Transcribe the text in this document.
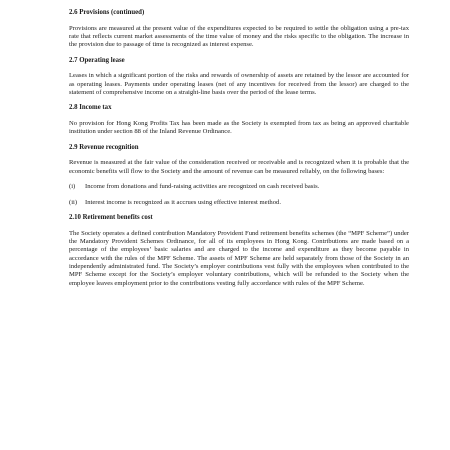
2.6 Provisions (continued)

Provisions are measured at the present value of the expenditures expected to be required to settle the obligation using a pre-tax rate that reflects current market assessments of the time value of money and the risks specific to the obligation. The increase in the provision due to passage of time is recognized as interest expense.

2.7 Operating lease

Leases in which a significant portion of the risks and rewards of ownership of assets are retained by the lessor are accounted for as operating leases. Payments under operating leases (net of any incentives for received from the lessor) are charged to the statement of comprehensive income on a straight-line basis over the period of the lease terms.

2.8 Income tax

No provision for Hong Kong Profits Tax has been made as the Society is exempted from tax as being an approved charitable institution under section 88 of the Inland Revenue Ordinance.

2.9 Revenue recognition

Revenue is measured at the fair value of the consideration received or receivable and is recognized when it is probable that the economic benefits will flow to the Society and the amount of revenue can be measured reliably, on the following bases:

(i)	Income from donations and fund-raising activities are recognized on cash received basis.
(ii)	Interest income is recognized as it accrues using effective interest method.
2.10 Retirement benefits cost

The Society operates a defined contribution Mandatory Provident Fund retirement benefits schemes (the “MPF Scheme”) under the Mandatory Provident Schemes Ordinance, for all of its employees in Hong Kong. Contributions are made based on a percentage of the employees’ basic salaries and are charged to the income and expenditure as they become payable in accordance with the rules of the MPF Scheme. The assets of MPF Scheme are held separately from those of the Society in an independently administrated fund. The Society’s employer contributions vest fully with the employees when contributed to the MPF Scheme except for the Society’s employer voluntary contributions, which will be refunded to the Society when the employee leaves employment prior to the contributions vesting fully accordance with rules of the MPF Scheme.
